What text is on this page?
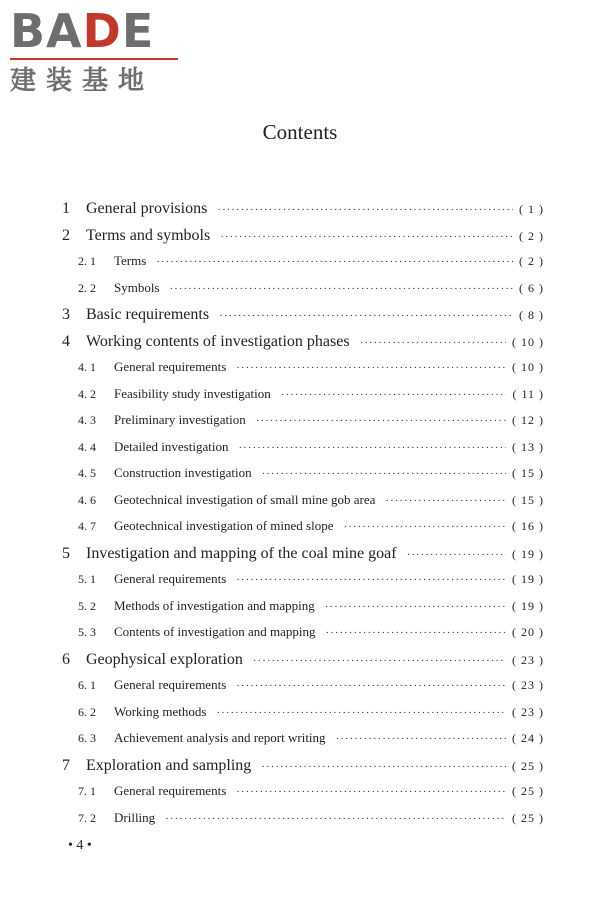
BADE
建装基地
Contents
1	General provisions ·····	( 1 )
2	Terms and symbols ·····	( 2 )
2. 1	Terms ·····	( 2 )
2. 2	Symbols ·····	( 6 )
3	Basic requirements ·····	( 8 )
4	Working contents of investigation phases ·····	( 10 )
4. 1	General requirements ·····	( 10 )
4. 2	Feasibility study investigation ·····	( 11 )
4. 3	Preliminary investigation ·····	( 12 )
4. 4	Detailed investigation ·····	( 13 )
4. 5	Construction investigation ·····	( 15 )
4. 6	Geotechnical investigation of small mine gob area ·····	( 15 )
4. 7	Geotechnical investigation of mined slope ·····	( 16 )
5	Investigation and mapping of the coal mine goaf ·····	( 19 )
5. 1	General requirements ·····	( 19 )
5. 2	Methods of investigation and mapping ·····	( 19 )
5. 3	Contents of investigation and mapping ·····	( 20 )
6	Geophysical exploration ·····	( 23 )
6. 1	General requirements ·····	( 23 )
6. 2	Working methods ·····	( 23 )
6. 3	Achievement analysis and report writing ·····	( 24 )
7	Exploration and sampling ·····	( 25 )
7. 1	General requirements ·····	( 25 )
7. 2	Drilling ·····	( 25 )
• 4 •
